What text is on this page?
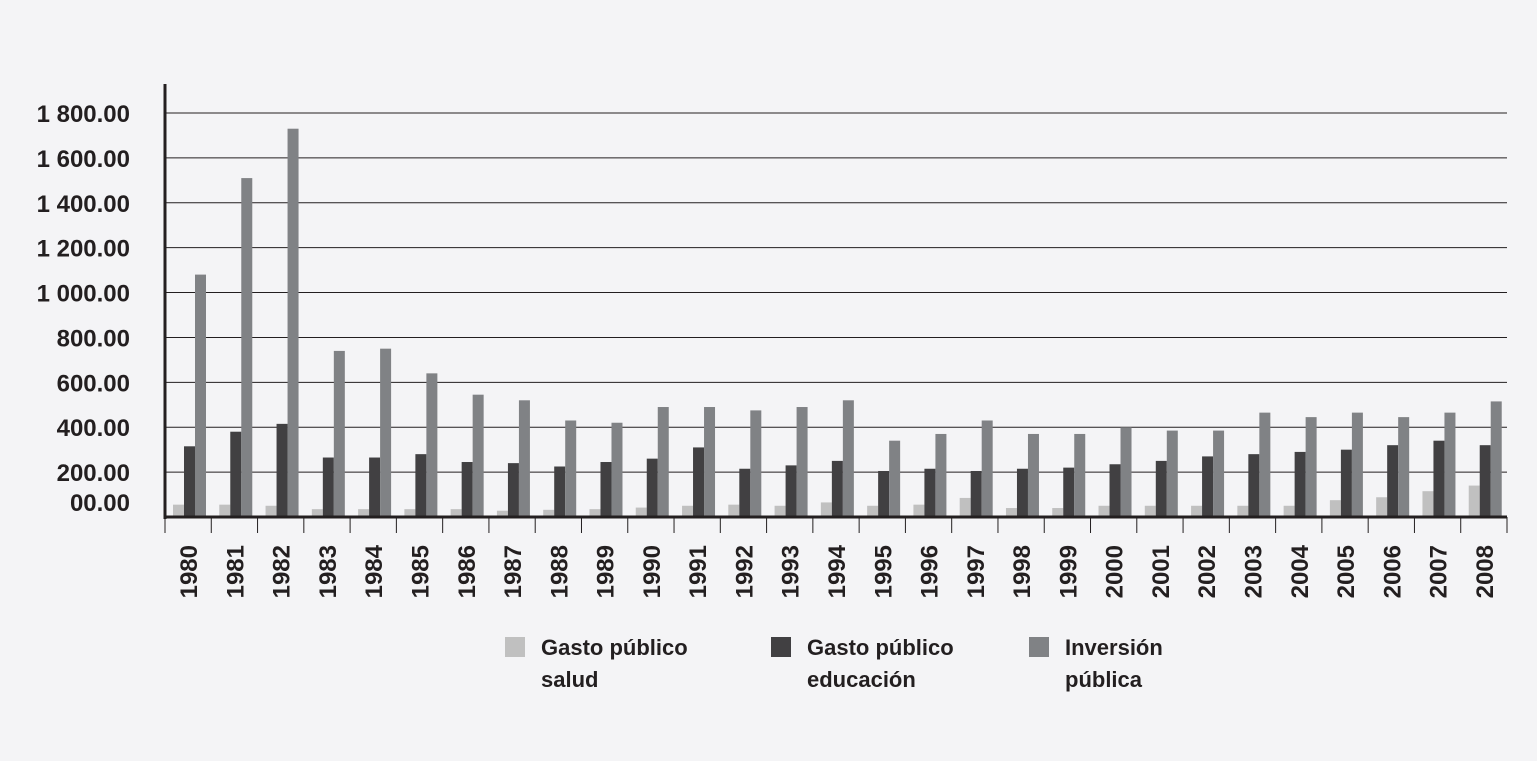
00.00
200.00
400.00
600.00
800.00
1 000.00
1 200.00
1 400.00
1 600.00
1 800.00
1980 1981 1982 1983 1984 1985 1986 1987 1988 1989 1990 1991 1992 1993 1994 1995 1996 1997 1998 1999 2000 2001 2002 2003 2004 2005 2006 2007 2008
Gasto público
salud
Gasto público
educación
Inversión
pública
